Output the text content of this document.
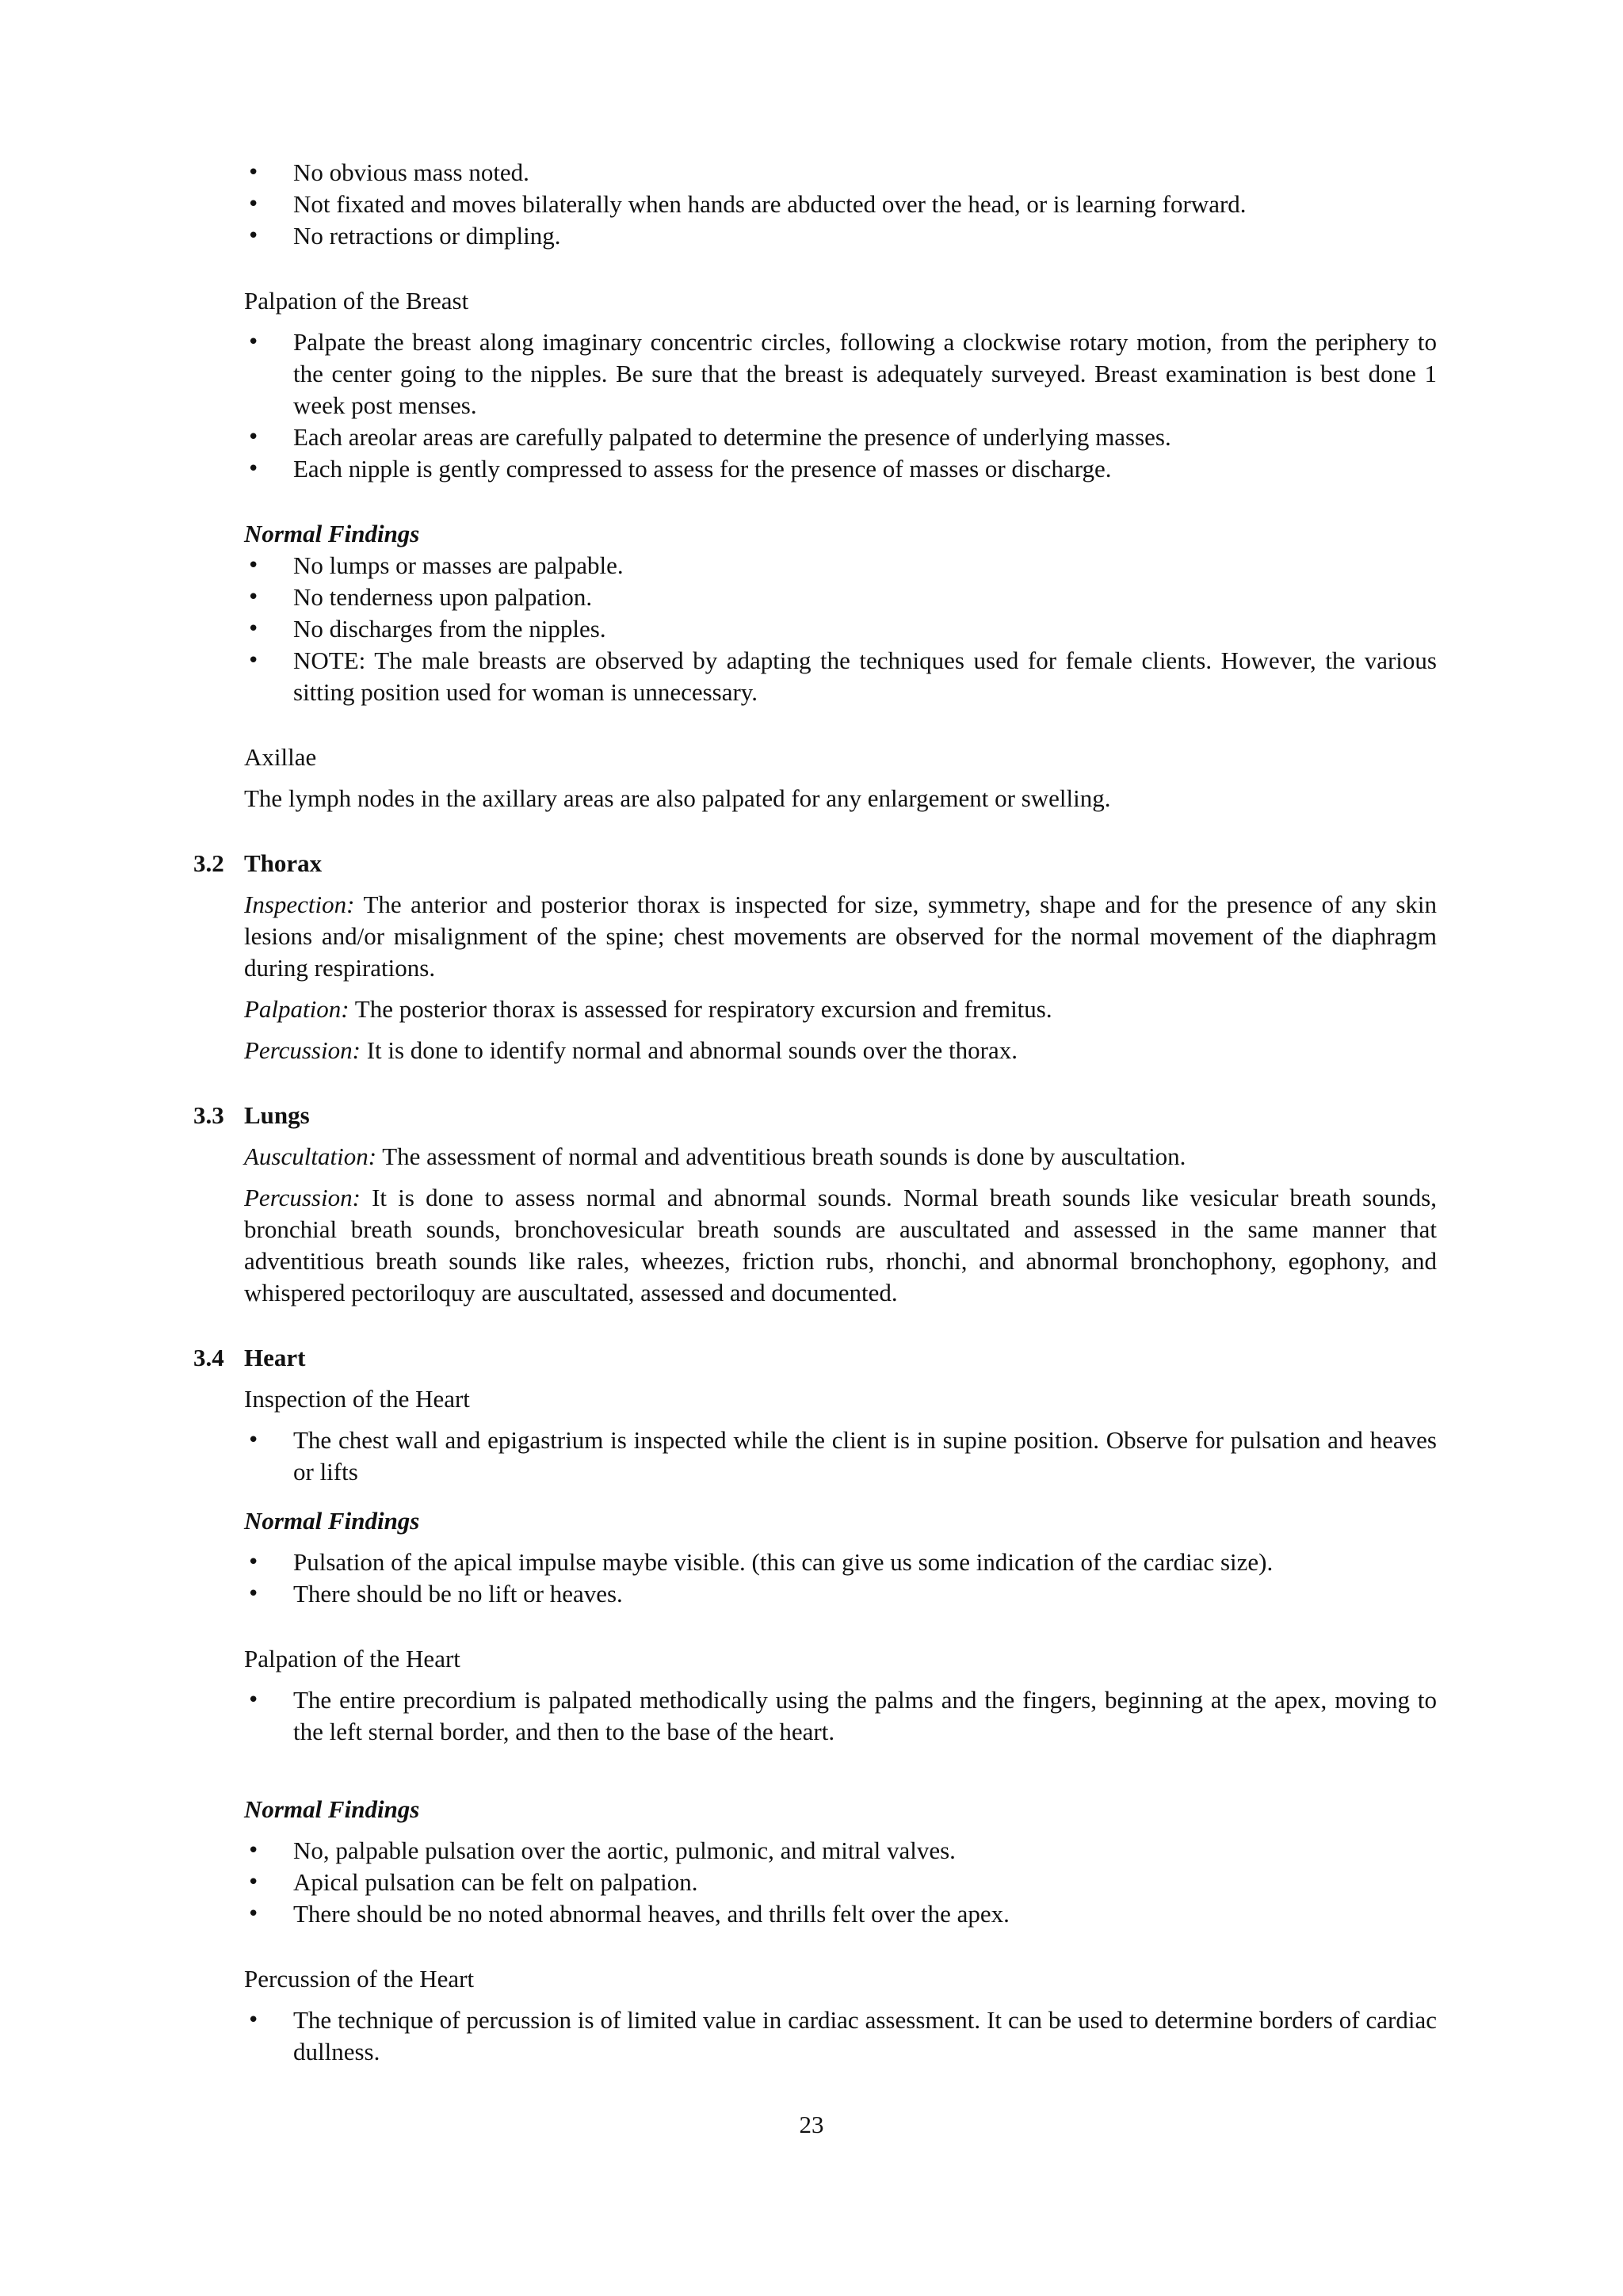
• No obvious mass noted.
• Not fixated and moves bilaterally when hands are abducted over the head, or is learning forward.
• No retractions or dimpling.

Palpation of the Breast

• Palpate the breast along imaginary concentric circles, following a clockwise rotary motion, from the periphery to the center going to the nipples. Be sure that the breast is adequately surveyed. Breast examination is best done 1 week post menses.
• Each areolar areas are carefully palpated to determine the presence of underlying masses.
• Each nipple is gently compressed to assess for the presence of masses or discharge.

Normal Findings

• No lumps or masses are palpable.
• No tenderness upon palpation.
• No discharges from the nipples.
• NOTE: The male breasts are observed by adapting the techniques used for female clients. However, the various sitting position used for woman is unnecessary.

Axillae

The lymph nodes in the axillary areas are also palpated for any enlargement or swelling.

3.2 Thorax

Inspection: The anterior and posterior thorax is inspected for size, symmetry, shape and for the presence of any skin lesions and/or misalignment of the spine; chest movements are observed for the normal movement of the diaphragm during respirations.

Palpation: The posterior thorax is assessed for respiratory excursion and fremitus.

Percussion: It is done to identify normal and abnormal sounds over the thorax.

3.3 Lungs

Auscultation: The assessment of normal and adventitious breath sounds is done by auscultation.

Percussion: It is done to assess normal and abnormal sounds. Normal breath sounds like vesicular breath sounds, bronchial breath sounds, bronchovesicular breath sounds are auscultated and assessed in the same manner that adventitious breath sounds like rales, wheezes, friction rubs, rhonchi, and abnormal bronchophony, egophony, and whispered pectoriloquy are auscultated, assessed and documented.

3.4 Heart

Inspection of the Heart

• The chest wall and epigastrium is inspected while the client is in supine position. Observe for pulsation and heaves or lifts

Normal Findings

• Pulsation of the apical impulse maybe visible. (this can give us some indication of the cardiac size).
• There should be no lift or heaves.

Palpation of the Heart

• The entire precordium is palpated methodically using the palms and the fingers, beginning at the apex, moving to the left sternal border, and then to the base of the heart.

Normal Findings

• No, palpable pulsation over the aortic, pulmonic, and mitral valves.
• Apical pulsation can be felt on palpation.
• There should be no noted abnormal heaves, and thrills felt over the apex.

Percussion of the Heart

• The technique of percussion is of limited value in cardiac assessment. It can be used to determine borders of cardiac dullness.
23
